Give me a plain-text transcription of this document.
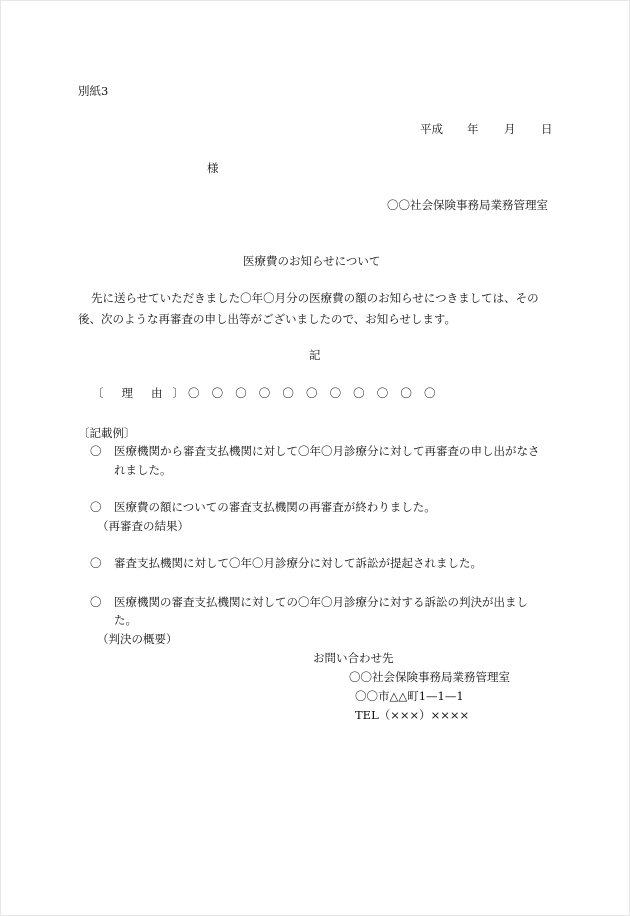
別紙3
平成 年 月 日
様
〇〇社会保険事務局業務管理室
医療費のお知らせについて
先に送らせていただきました〇年〇月分の医療費の額のお知らせにつきましては、その
後、次のような再審査の申し出等がございましたので、お知らせします。
記
〔 理 由 〕 〇	〇	〇	〇	〇	〇	〇	〇	〇	〇	〇
〔記載例〕
〇 医療機関から審査支払機関に対して〇年〇月診療分に対して再審査の申し出がなさ
れました。
〇 医療費の額についての審査支払機関の再審査が終わりました。
（再審査の結果）
〇 審査支払機関に対して〇年〇月診療分に対して訴訟が提起されました。
〇 医療機関の審査支払機関に対しての〇年〇月診療分に対する訴訟の判決が出まし
た。
（判決の概要）
お問い合わせ先
〇〇社会保険事務局業務管理室
〇〇市△△町1—1—1
TEL（×××）××××
